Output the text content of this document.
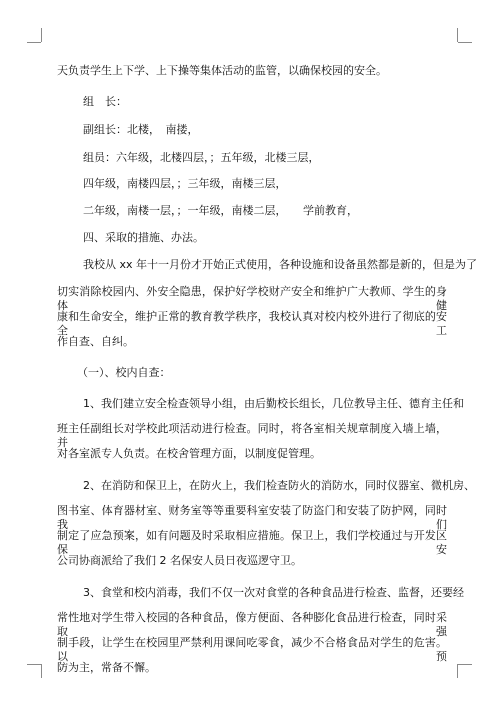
天负责学生上下学、上下操等集体活动的监管，以确保校园的安全。
组　长：
副组长：北楼，　南搂，
组员：六年级，北楼四层，；五年级，北楼三层，
四年级，南楼四层，；三年级，南楼三层，
二年级，南楼一层，；一年级，南楼二层，　　学前教育，
四、采取的措施、办法。
我校从 xx 年十一月份才开始正式使用，各种设施和设备虽然都是新的，但是为了
切实消除校园内、外安全隐患，保护好学校财产安全和维护广大教师、学生的身体健
康和生命安全，维护正常的教育教学秩序，我校认真对校内校外进行了彻底的安全工
作自查、自纠。
（一）、校内自查：
1、我们建立安全检查领导小组，由后勤校长组长，几位教导主任、德育主任和
班主任副组长对学校此项活动进行检查。同时，将各室相关规章制度入墙上墙，并
对各室派专人负责。在校舍管理方面，以制度促管理。
2、在消防和保卫上，在防火上，我们检查防火的消防水，同时仪器室、微机房、
图书室、体育器材室、财务室等等重要科室安装了防盗门和安装了防护网，同时我们
制定了应急预案，如有问题及时采取相应措施。保卫上，我们学校通过与开发区保安
公司协商派给了我们 2 名保安人员日夜巡逻守卫。
3、食堂和校内消毒，我们不仅一次对食堂的各种食品进行检查、监督，还要经
常性地对学生带入校园的各种食品，像方便面、各种膨化食品进行检查，同时采取强
制手段，让学生在校园里严禁利用课间吃零食，减少不合格食品对学生的危害。以预
防为主，常备不懈。
